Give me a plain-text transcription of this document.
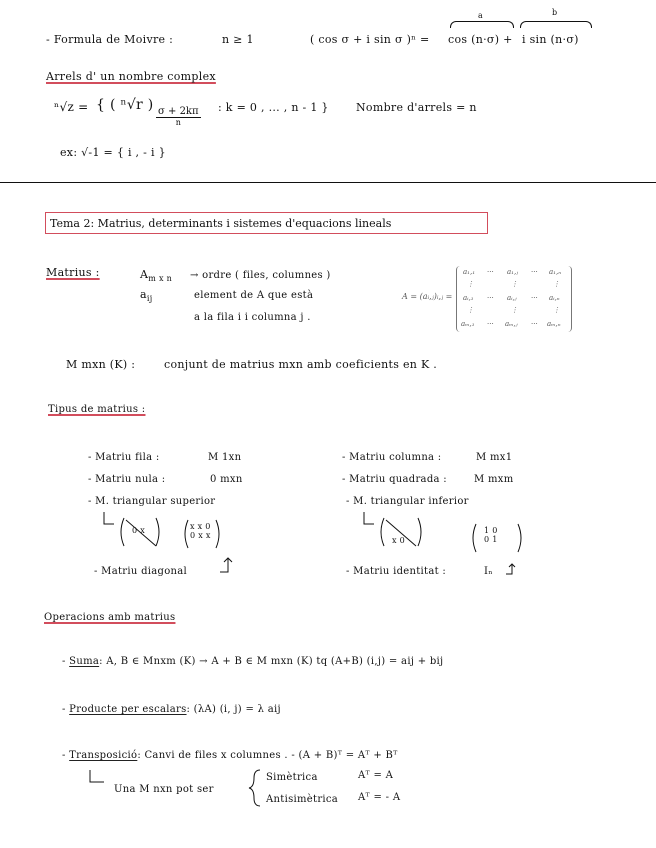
- Formula de Moivre :	n ≥ 1	( cos σ + i sin σ )ⁿ = cos (n·σ) + i sin (n·σ)
a	b
Arrels d' un nombre complex
ⁿ√z = { ( ⁿ√r ) σ + 2kπ
n
: k = 0 , ... , n - 1 } Nombre d'arrels = n
ex: √-1 = { i , - i }
Tema 2: Matrius, determinants i sistemes d'equacions lineals
Matrius :	$A_{m x n}$ → ordre ( files, columnes )
$a_{ij}$	element de A que està
a la fila i i columna j .
A = (aᵢ,ⱼ)ᵢ,ⱼ =
a₁,₁ ··· a₁,ⱼ ··· a₁,ₙ
⋮	⋮	⋮
aᵢ,₁ ··· aᵢ,ⱼ ··· aᵢ,ₙ
⋮	⋮	⋮
aₘ,₁ ··· aₘ,ⱼ ··· aₘ,ₙ
M mxn (K) :	conjunt de matrius mxn amb coeficients en K .
Tipus de matrius :
- Matriu fila :	M 1xn	- Matriu columna :	M mx1
- Matriu nula :	0 mxn	- Matriu quadrada :	M mxm
- M. triangular superior	- M. triangular inferior
0 x	x x 0
0 x x
x 0
1 0
0 1
- Matriu diagonal	- Matriu identitat :	Iₙ
Operacions amb matrius
- Suma: A, B ∈ Mnxm (K) → A + B ∈ M mxn (K) tq (A+B) (i,j) = aij + bij
- Producte per escalars: (λA) (i, j) = λ aij
- Transposició: Canvi de files x columnes . - (A + B)ᵀ = Aᵀ + Bᵀ
Una M nxn pot ser
Simètrica	Aᵀ = A
Antisimètrica Aᵀ = - A
